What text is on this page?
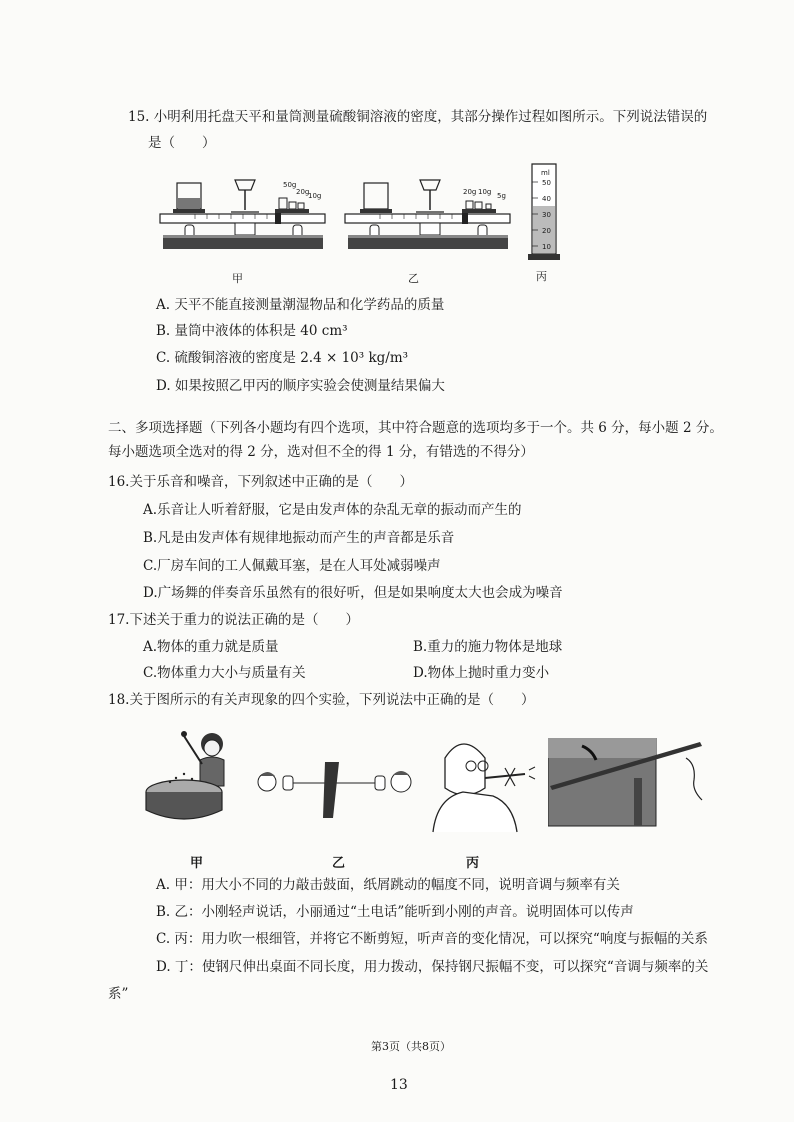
15. 小明利用托盘天平和量筒测量硫酸铜溶液的密度，其部分操作过程如图所示。下列说法错误的
是（　　）
50g
20g
10g
甲
20g 10g 5g
乙
ml
50
40
30
20
10
丙
A. 天平不能直接测量潮湿物品和化学药品的质量
B. 量筒中液体的体积是 40 cm³
C. 硫酸铜溶液的密度是 2.4 × 10³ kg/m³
D. 如果按照乙甲丙的顺序实验会使测量结果偏大
二、多项选择题（下列各小题均有四个选项，其中符合题意的选项均多于一个。共 6 分，每小题 2 分。
每小题选项全选对的得 2 分，选对但不全的得 1 分，有错选的不得分）
16.关于乐音和噪音，下列叙述中正确的是（　　）
A.乐音让人听着舒服，它是由发声体的杂乱无章的振动而产生的
B.凡是由发声体有规律地振动而产生的声音都是乐音
C.厂房车间的工人佩戴耳塞，是在人耳处减弱噪声
D.广场舞的伴奏音乐虽然有的很好听，但是如果响度太大也会成为噪音
17.下述关于重力的说法正确的是（　　）
A.物体的重力就是质量	B.重力的施力物体是地球
C.物体重力大小与质量有关	D.物体上抛时重力变小
18.关于图所示的有关声现象的四个实验，下列说法中正确的是（　　）
甲	乙	丙
A. 甲：用大小不同的力敲击鼓面，纸屑跳动的幅度不同，说明音调与频率有关
B. 乙：小刚轻声说话，小丽通过“土电话”能听到小刚的声音。说明固体可以传声
C. 丙：用力吹一根细管，并将它不断剪短，听声音的变化情况，可以探究“响度与振幅的关系
D. 丁：使钢尺伸出桌面不同长度，用力拨动，保持钢尺振幅不变，可以探究“音调与频率的关
系”
第3页（共8页）
13
